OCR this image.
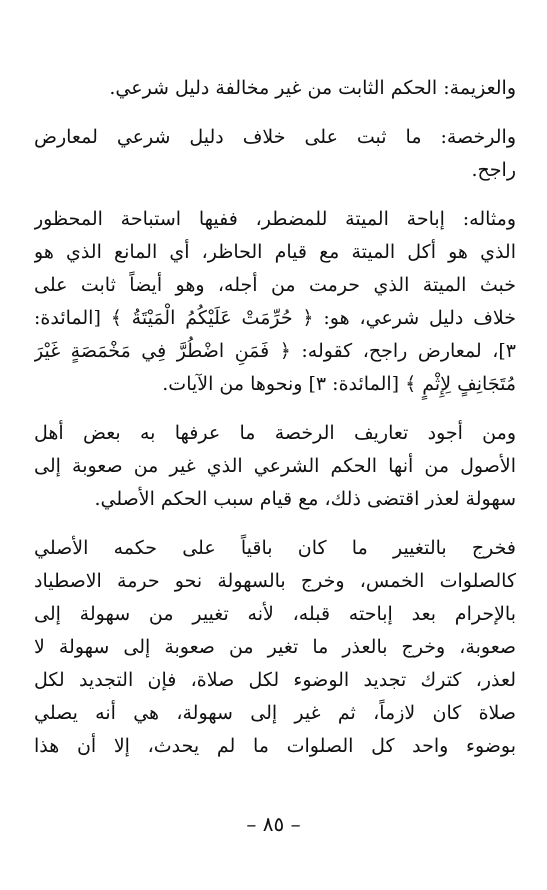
والعزيمة: الحكم الثابت من غير مخالفة دليل شرعي.
والرخصة: ما ثبت على خلاف دليل شرعي لمعارض
راجح.
ومثاله: إباحة الميتة للمضطر، ففيها استباحة المحظور
الذي هو أكل الميتة مع قيام الحاظر، أي المانع الذي هو
خبث الميتة الذي حرمت من أجله، وهو أيضاً ثابت على
خلاف دليل شرعي، هو: ﴿ حُرِّمَتْ عَلَيْكُمُ الْمَيْتَةُ ﴾ [المائدة:
٣]، لمعارض راجح، كقوله: ﴿ فَمَنِ اضْطُرَّ فِي مَخْمَصَةٍ غَيْرَ
مُتَجَانِفٍ لِإِثْمٍ ﴾ [المائدة: ٣] ونحوها من الآيات.
ومن أجود تعاريف الرخصة ما عرفها به بعض أهل
الأصول من أنها الحكم الشرعي الذي غير من صعوبة إلى
سهولة لعذر اقتضى ذلك، مع قيام سبب الحكم الأصلي.
فخرج بالتغيير ما كان باقياً على حكمه الأصلي
كالصلوات الخمس، وخرج بالسهولة نحو حرمة الاصطياد
بالإحرام بعد إباحته قبله، لأنه تغيير من سهولة إلى
صعوبة، وخرج بالعذر ما تغير من صعوبة إلى سهولة لا
لعذر، كترك تجديد الوضوء لكل صلاة، فإن التجديد لكل
صلاة كان لازماً، ثم غير إلى سهولة، هي أنه يصلي
بوضوء واحد كل الصلوات ما لم يحدث، إلا أن هذا
– ٨٥ –
